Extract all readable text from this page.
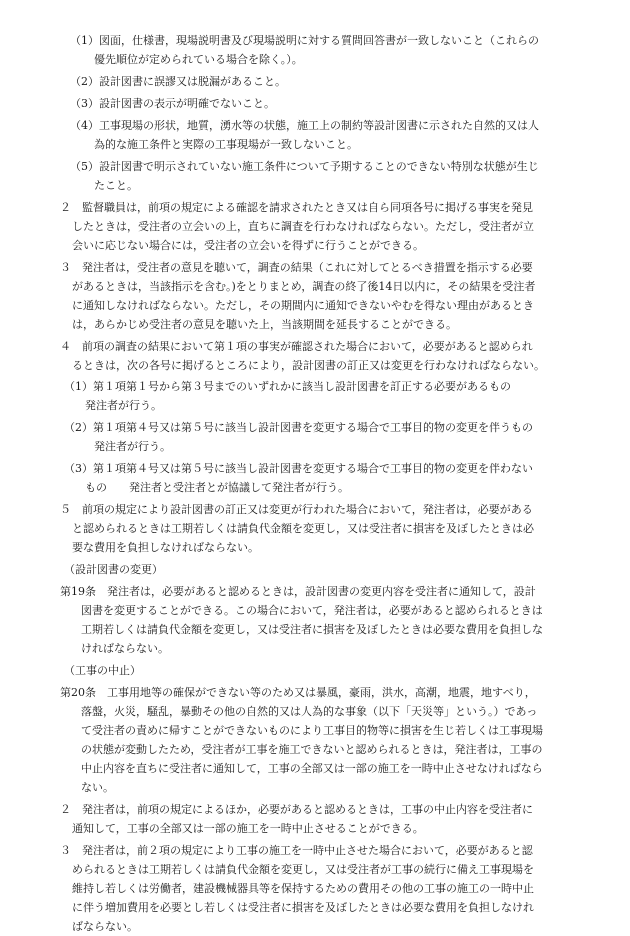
（1）図面，仕様書，現場説明書及び現場説明に対する質問回答書が一致しないこと（これらの

優先順位が定められている場合を除く。）。

（2）設計図書に誤謬又は脱漏があること。

（3）設計図書の表示が明確でないこと。

（4）工事現場の形状，地質，湧水等の状態，施工上の制約等設計図書に示された自然的又は人

為的な施工条件と実際の工事現場が一致しないこと。

（5）設計図書で明示されていない施工条件について予期することのできない特別な状態が生じ

たこと。

２　監督職員は，前項の規定による確認を請求されたとき又は自ら同項各号に掲げる事実を発見

したときは，受注者の立会いの上，直ちに調査を行わなければならない。ただし，受注者が立

会いに応じない場合には，受注者の立会いを得ずに行うことができる。

３　発注者は，受注者の意見を聴いて，調査の結果（これに対してとるべき措置を指示する必要

があるときは，当該指示を含む。)をとりまとめ，調査の終了後14日以内に，その結果を受注者

に通知しなければならない。ただし，その期間内に通知できないやむを得ない理由があるとき

は，あらかじめ受注者の意見を聴いた上，当該期間を延長することができる。

４　前項の調査の結果において第１項の事実が確認された場合において，必要があると認められ

るときは，次の各号に掲げるところにより，設計図書の訂正又は変更を行わなければならない。

（1）第１項第１号から第３号までのいずれかに該当し設計図書を訂正する必要があるもの

発注者が行う。

（2）第１項第４号又は第５号に該当し設計図書を変更する場合で工事目的物の変更を伴うもの

発注者が行う。

（3）第１項第４号又は第５号に該当し設計図書を変更する場合で工事目的物の変更を伴わない

もの　　発注者と受注者とが協議して発注者が行う。

５　前項の規定により設計図書の訂正又は変更が行われた場合において，発注者は，必要がある

と認められるときは工期若しくは請負代金額を変更し，又は受注者に損害を及ぼしたときは必

要な費用を負担しなければならない。

（設計図書の変更）

第19条　発注者は，必要があると認めるときは，設計図書の変更内容を受注者に通知して，設計

図書を変更することができる。この場合において，発注者は，必要があると認められるときは

工期若しくは請負代金額を変更し，又は受注者に損害を及ぼしたときは必要な費用を負担しな

ければならない。

（工事の中止）

第20条　工事用地等の確保ができない等のため又は暴風，豪雨，洪水，高潮，地震，地すべり，

落盤，火災，騒乱，暴動その他の自然的又は人為的な事象（以下「天災等」という。）であっ

て受注者の責めに帰すことができないものにより工事目的物等に損害を生じ若しくは工事現場

の状態が変動したため，受注者が工事を施工できないと認められるときは，発注者は，工事の

中止内容を直ちに受注者に通知して，工事の全部又は一部の施工を一時中止させなければなら

ない。

２　発注者は，前項の規定によるほか，必要があると認めるときは，工事の中止内容を受注者に

通知して，工事の全部又は一部の施工を一時中止させることができる。

３　発注者は，前２項の規定により工事の施工を一時中止させた場合において，必要があると認

められるときは工期若しくは請負代金額を変更し，又は受注者が工事の続行に備え工事現場を

維持し若しくは労働者，建設機械器具等を保持するための費用その他の工事の施工の一時中止

に伴う増加費用を必要とし若しくは受注者に損害を及ぼしたときは必要な費用を負担しなけれ

ばならない。
